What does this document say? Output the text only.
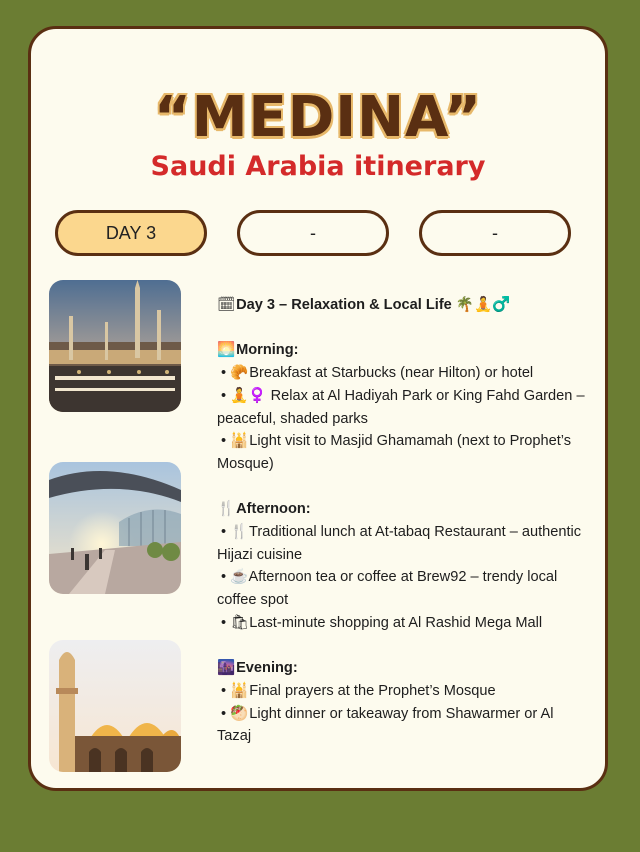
“MEDINA”
Saudi Arabia itinerary
DAY 3	-	-

🗓 Day 3 – Relaxation & Local Life 🌴🧘♂️

🌅 Morning:

• 🥐 Breakfast at Starbucks (near Hilton) or hotel

• 🧘♀️ Relax at Al Hadiyah Park or King Fahd Garden – peaceful, shaded parks

• 🕌 Light visit to Masjid Ghamamah (next to Prophet’s Mosque)

🍴 Afternoon:

• 🍴 Traditional lunch at At-tabaq Restaurant – authentic Hijazi cuisine

• ☕ Afternoon tea or coffee at Brew92 – trendy local coffee spot

• 🛍 Last-minute shopping at Al Rashid Mega Mall

🌆 Evening:

• 🕌 Final prayers at the Prophet’s Mosque

• 🥙 Light dinner or takeaway from Shawarmer or Al Tazaj
